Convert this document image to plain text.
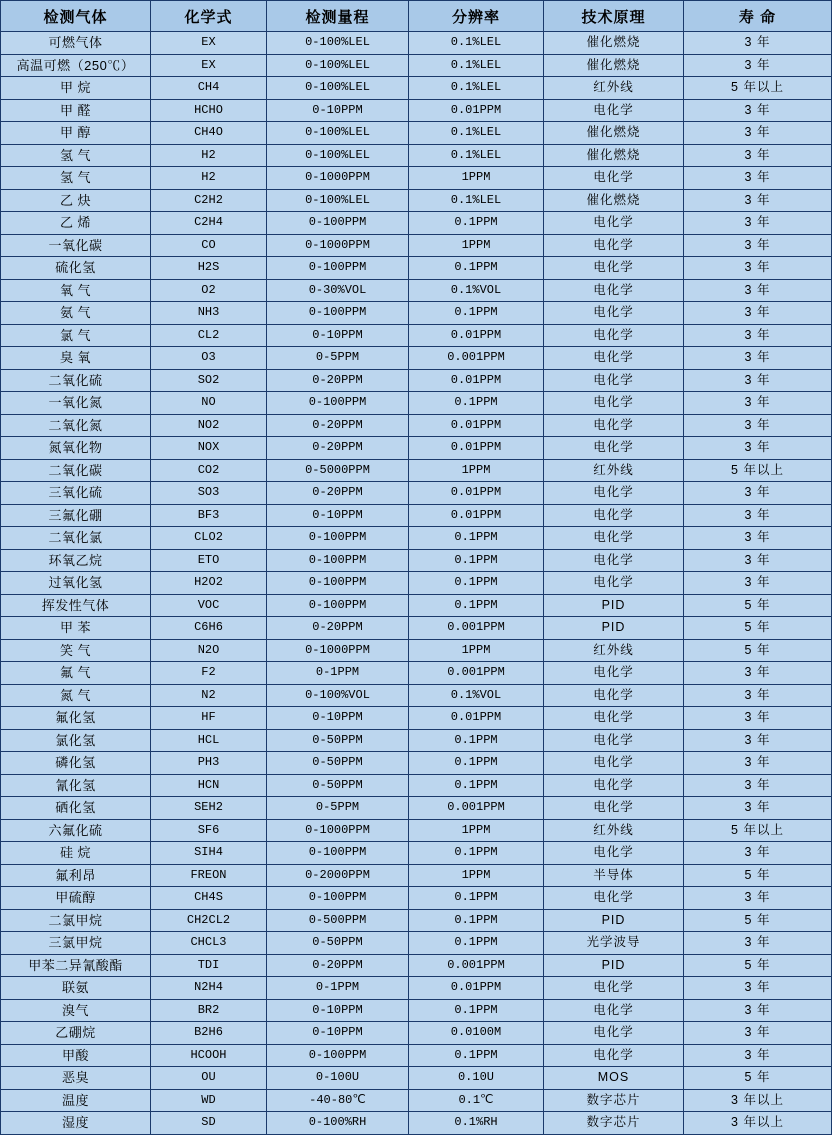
检测气体	化学式	检测量程	分辨率	技术原理	寿 命
可燃气体	EX	0-100%LEL	0.1%LEL	催化燃烧	3 年
高温可燃（250℃）	EX	0-100%LEL	0.1%LEL	催化燃烧	3 年
甲 烷	CH4	0-100%LEL	0.1%LEL	红外线	5 年以上
甲 醛	HCHO	0-10PPM	0.01PPM	电化学	3 年
甲 醇	CH4O	0-100%LEL	0.1%LEL	催化燃烧	3 年
氢 气	H2	0-100%LEL	0.1%LEL	催化燃烧	3 年
氢 气	H2	0-1000PPM	1PPM	电化学	3 年
乙 炔	C2H2	0-100%LEL	0.1%LEL	催化燃烧	3 年
乙 烯	C2H4	0-100PPM	0.1PPM	电化学	3 年
一氧化碳	CO	0-1000PPM	1PPM	电化学	3 年
硫化氢	H2S	0-100PPM	0.1PPM	电化学	3 年
氧 气	O2	0-30%VOL	0.1%VOL	电化学	3 年
氨 气	NH3	0-100PPM	0.1PPM	电化学	3 年
氯 气	CL2	0-10PPM	0.01PPM	电化学	3 年
臭 氧	O3	0-5PPM	0.001PPM	电化学	3 年
二氧化硫	SO2	0-20PPM	0.01PPM	电化学	3 年
一氧化氮	NO	0-100PPM	0.1PPM	电化学	3 年
二氧化氮	NO2	0-20PPM	0.01PPM	电化学	3 年
氮氧化物	NOX	0-20PPM	0.01PPM	电化学	3 年
二氧化碳	CO2	0-5000PPM	1PPM	红外线	5 年以上
三氧化硫	SO3	0-20PPM	0.01PPM	电化学	3 年
三氟化硼	BF3	0-10PPM	0.01PPM	电化学	3 年
二氧化氯	CLO2	0-100PPM	0.1PPM	电化学	3 年
环氧乙烷	ETO	0-100PPM	0.1PPM	电化学	3 年
过氧化氢	H2O2	0-100PPM	0.1PPM	电化学	3 年
挥发性气体	VOC	0-100PPM	0.1PPM	PID	5 年
甲 苯	C6H6	0-20PPM	0.001PPM	PID	5 年
笑 气	N2O	0-1000PPM	1PPM	红外线	5 年
氟 气	F2	0-1PPM	0.001PPM	电化学	3 年
氮 气	N2	0-100%VOL	0.1%VOL	电化学	3 年
氟化氢	HF	0-10PPM	0.01PPM	电化学	3 年
氯化氢	HCL	0-50PPM	0.1PPM	电化学	3 年
磷化氢	PH3	0-50PPM	0.1PPM	电化学	3 年
氰化氢	HCN	0-50PPM	0.1PPM	电化学	3 年
硒化氢	SEH2	0-5PPM	0.001PPM	电化学	3 年
六氟化硫	SF6	0-1000PPM	1PPM	红外线	5 年以上
硅 烷	SIH4	0-100PPM	0.1PPM	电化学	3 年
氟利昂	FREON	0-2000PPM	1PPM	半导体	5 年
甲硫醇	CH4S	0-100PPM	0.1PPM	电化学	3 年
二氯甲烷	CH2CL2	0-500PPM	0.1PPM	PID	5 年
三氯甲烷	CHCL3	0-50PPM	0.1PPM	光学波导	3 年
甲苯二异氰酸酯	TDI	0-20PPM	0.001PPM	PID	5 年
联氨	N2H4	0-1PPM	0.01PPM	电化学	3 年
溴气	BR2	0-10PPM	0.1PPM	电化学	3 年
乙硼烷	B2H6	0-10PPM	0.0100M	电化学	3 年
甲酸	HCOOH	0-100PPM	0.1PPM	电化学	3 年
恶臭	OU	0-100U	0.10U	MOS	5 年
温度	WD	-40-80℃	0.1℃	数字芯片	3 年以上
湿度	SD	0-100%RH	0.1%RH	数字芯片	3 年以上
